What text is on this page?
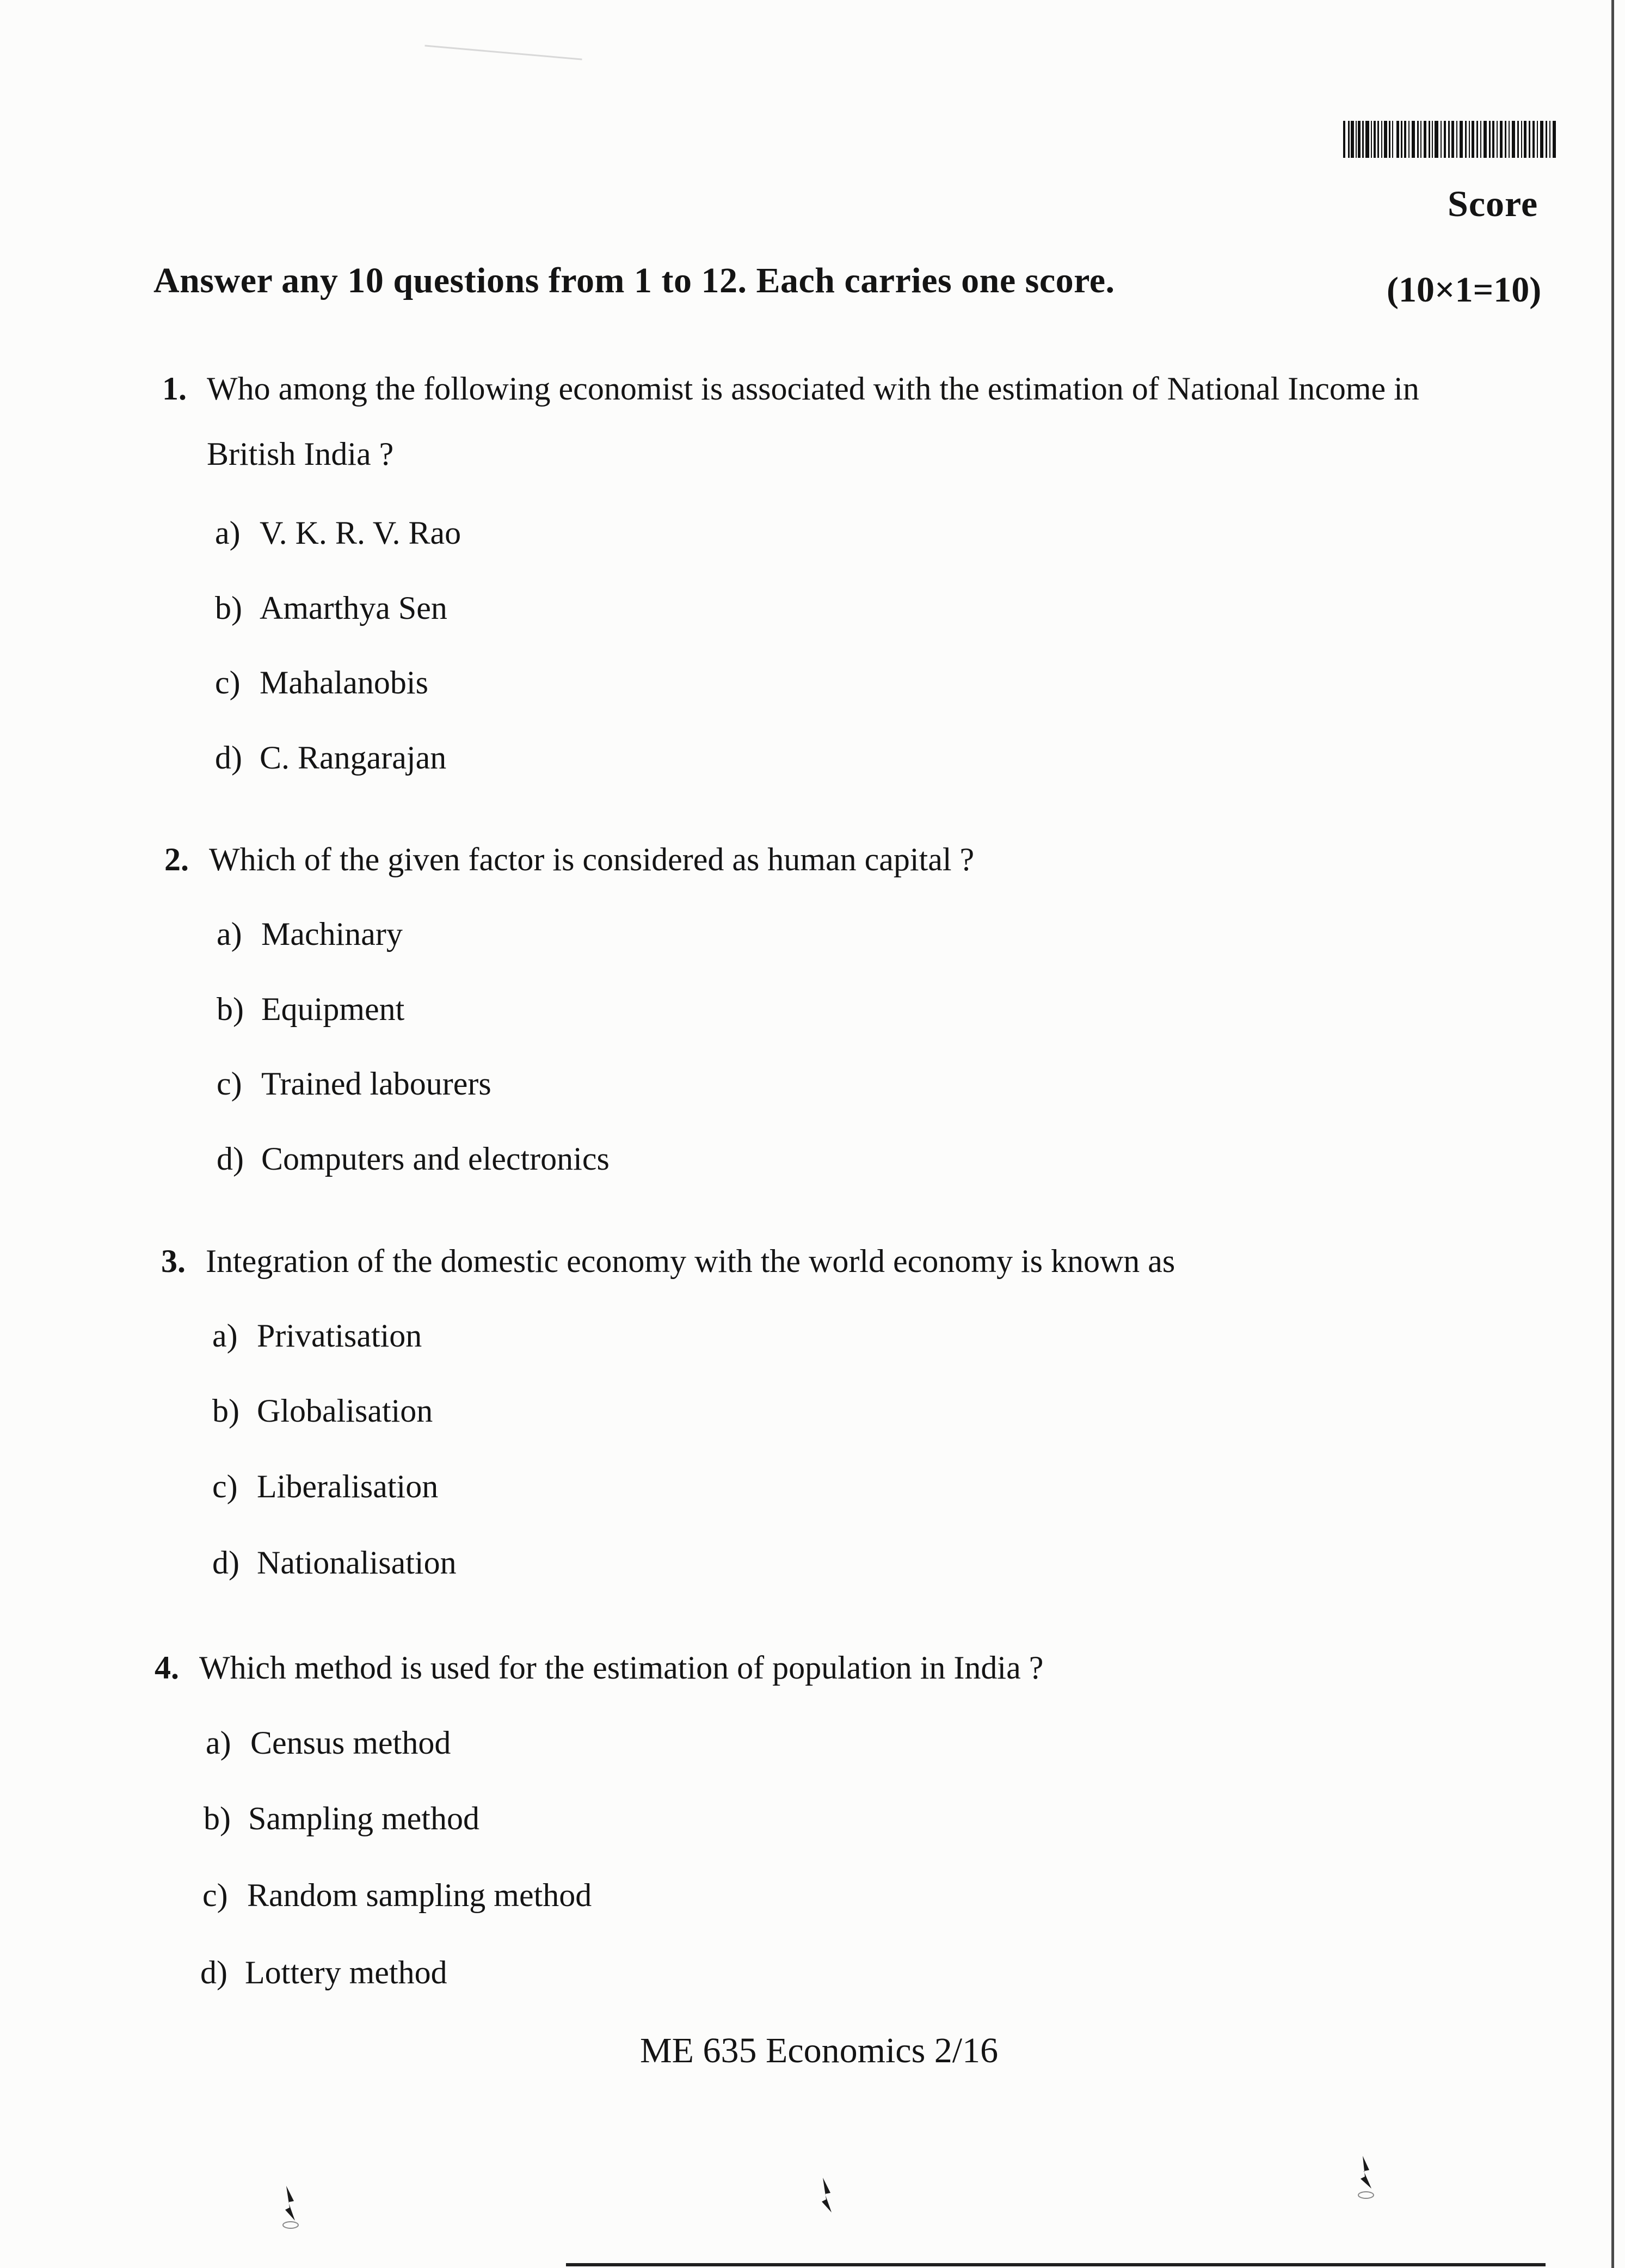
Score
Answer any 10 questions from 1 to 12. Each carries one score.	(10×1=10)
1. Who among the following economist is associated with the estimation of National Income in
British India ?
a) V. K. R. V. Rao
b) Amarthya Sen
c) Mahalanobis
d) C. Rangarajan
2. Which of the given factor is considered as human capital ?
a) Machinary
b) Equipment
c) Trained labourers
d) Computers and electronics
3. Integration of the domestic economy with the world economy is known as
a) Privatisation
b) Globalisation
c) Liberalisation
d) Nationalisation
4. Which method is used for the estimation of population in India ?
a) Census method
b) Sampling method
c) Random sampling method
d) Lottery method
ME 635 Economics 2/16
